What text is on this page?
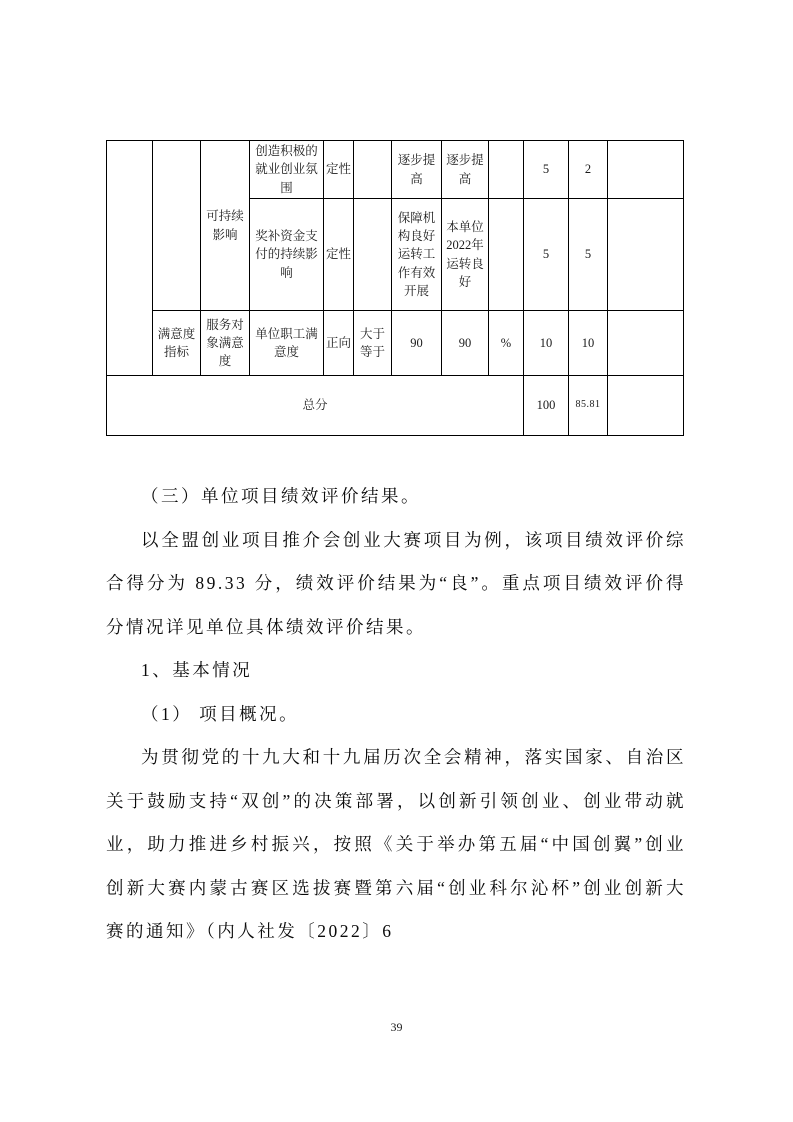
		可持续影响	创造积极的就业创业氛围	定性		逐步提高	逐步提高		5	2	
			奖补资金支付的持续影响	定性		保障机构良好运转工作有效开展	本单位2022年运转良好		5	5	
	满意度指标	服务对象满意度	单位职工满意度	正向	大于等于	90	90	%	10	10	
总分									100	85.81	

（三）单位项目绩效评价结果。

以全盟创业项目推介会创业大赛项目为例，该项目绩效评价综合得分为 89.33 分，绩效评价结果为“良”。重点项目绩效评价得分情况详见单位具体绩效评价结果。

1、基本情况

（1） 项目概况。

为贯彻党的十九大和十九届历次全会精神，落实国家、自治区关于鼓励支持“双创”的决策部署，以创新引领创业、创业带动就业，助力推进乡村振兴，按照《关于举办第五届“中国创翼”创业创新大赛内蒙古赛区选拔赛暨第六届“创业科尔沁杯”创业创新大赛的通知》（内人社发〔2022〕6

39
